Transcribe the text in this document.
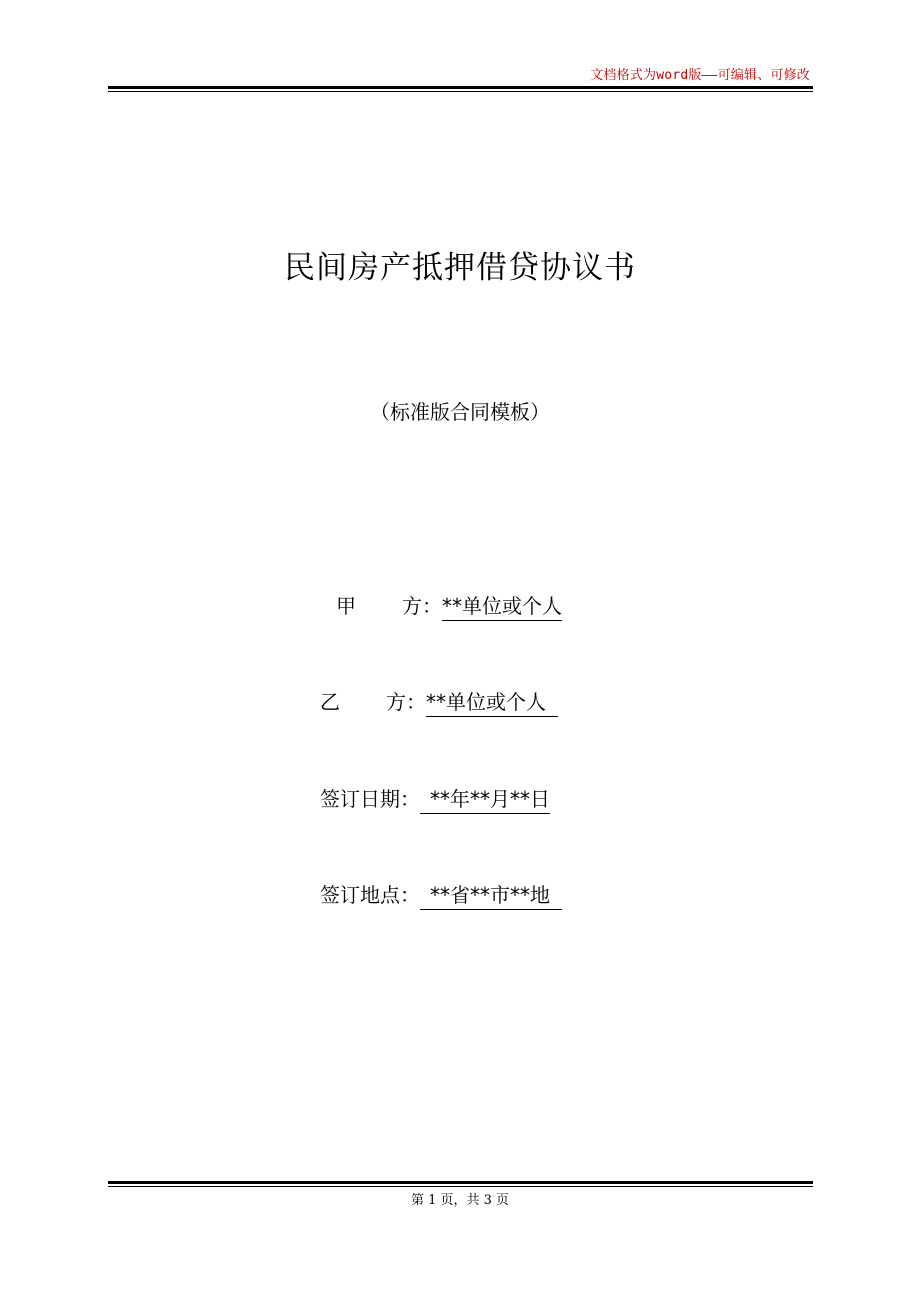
文档格式为word版——可编辑、可修改
民间房产抵押借贷协议书
（标准版合同模板）
甲 方：**单位或个人
乙 方：**单位或个人
签订日期： **年**月**日
签订地点： **省**市**地
第 1 页，共 3 页
